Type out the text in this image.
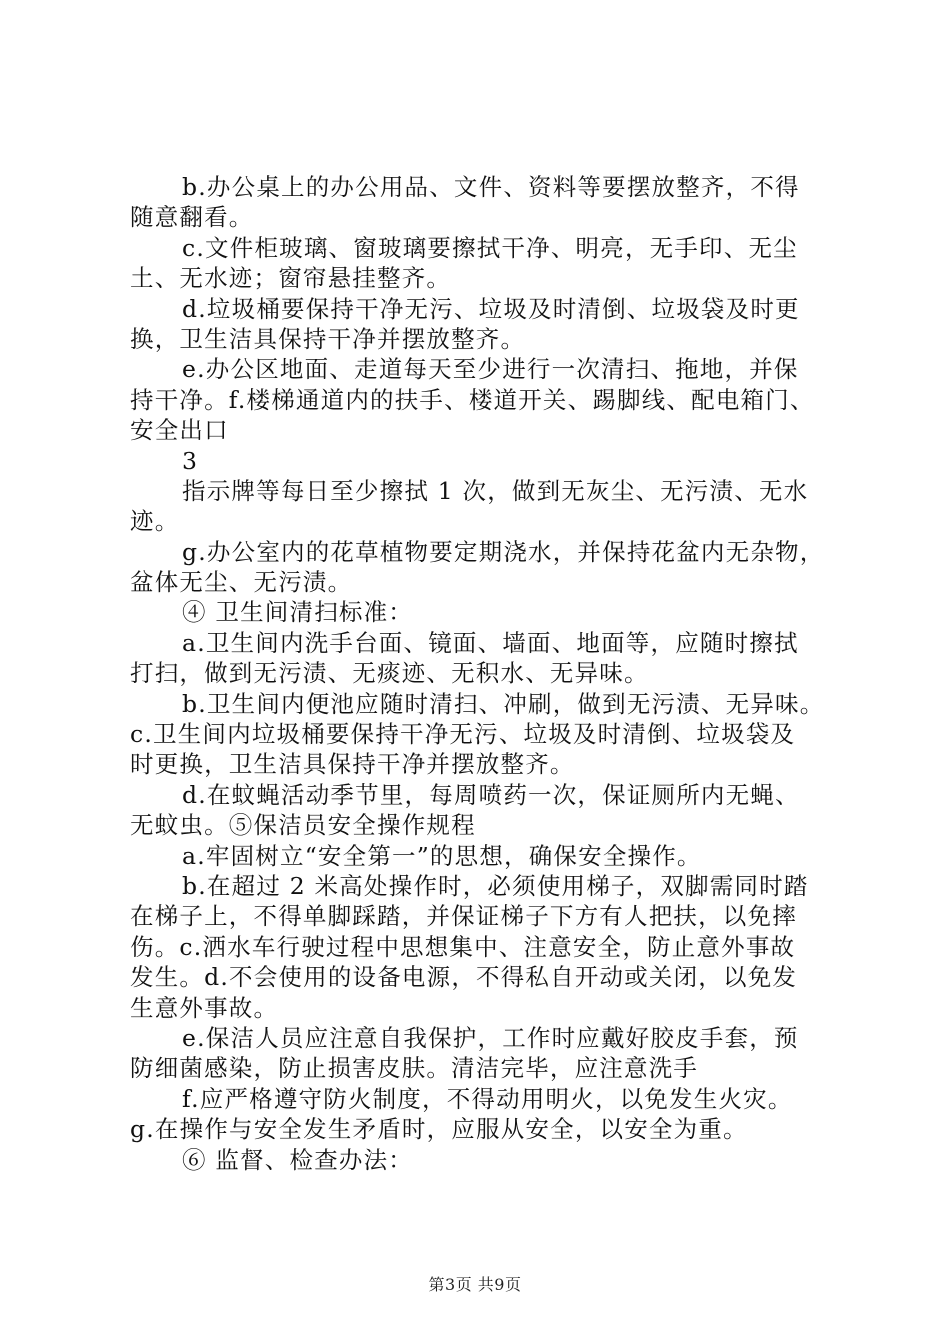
b.办公桌上的办公用品、文件、资料等要摆放整齐，不得
随意翻看。
c.文件柜玻璃、窗玻璃要擦拭干净、明亮，无手印、无尘
土、无水迹；窗帘悬挂整齐。
d.垃圾桶要保持干净无污、垃圾及时清倒、垃圾袋及时更
换，卫生洁具保持干净并摆放整齐。
e.办公区地面、走道每天至少进行一次清扫、拖地，并保
持干净。f.楼梯通道内的扶手、楼道开关、踢脚线、配电箱门、
安全出口
3
指示牌等每日至少擦拭 1 次，做到无灰尘、无污渍、无水
迹。
g.办公室内的花草植物要定期浇水，并保持花盆内无杂物，
盆体无尘、无污渍。
④ 卫生间清扫标准：
a.卫生间内洗手台面、镜面、墙面、地面等，应随时擦拭
打扫，做到无污渍、无痰迹、无积水、无异味。
b.卫生间内便池应随时清扫、冲刷，做到无污渍、无异味。
c.卫生间内垃圾桶要保持干净无污、垃圾及时清倒、垃圾袋及
时更换，卫生洁具保持干净并摆放整齐。
d.在蚊蝇活动季节里，每周喷药一次，保证厕所内无蝇、
无蚊虫。⑤保洁员安全操作规程
a.牢固树立“安全第一”的思想，确保安全操作。
b.在超过 2 米高处操作时，必须使用梯子，双脚需同时踏
在梯子上，不得单脚踩踏，并保证梯子下方有人把扶，以免摔
伤。c.洒水车行驶过程中思想集中、注意安全，防止意外事故
发生。d.不会使用的设备电源，不得私自开动或关闭，以免发
生意外事故。
e.保洁人员应注意自我保护，工作时应戴好胶皮手套，预
防细菌感染，防止损害皮肤。清洁完毕，应注意洗手
f.应严格遵守防火制度，不得动用明火，以免发生火灾。
g.在操作与安全发生矛盾时，应服从安全，以安全为重。
⑥ 监督、检查办法：
第3页 共9页
